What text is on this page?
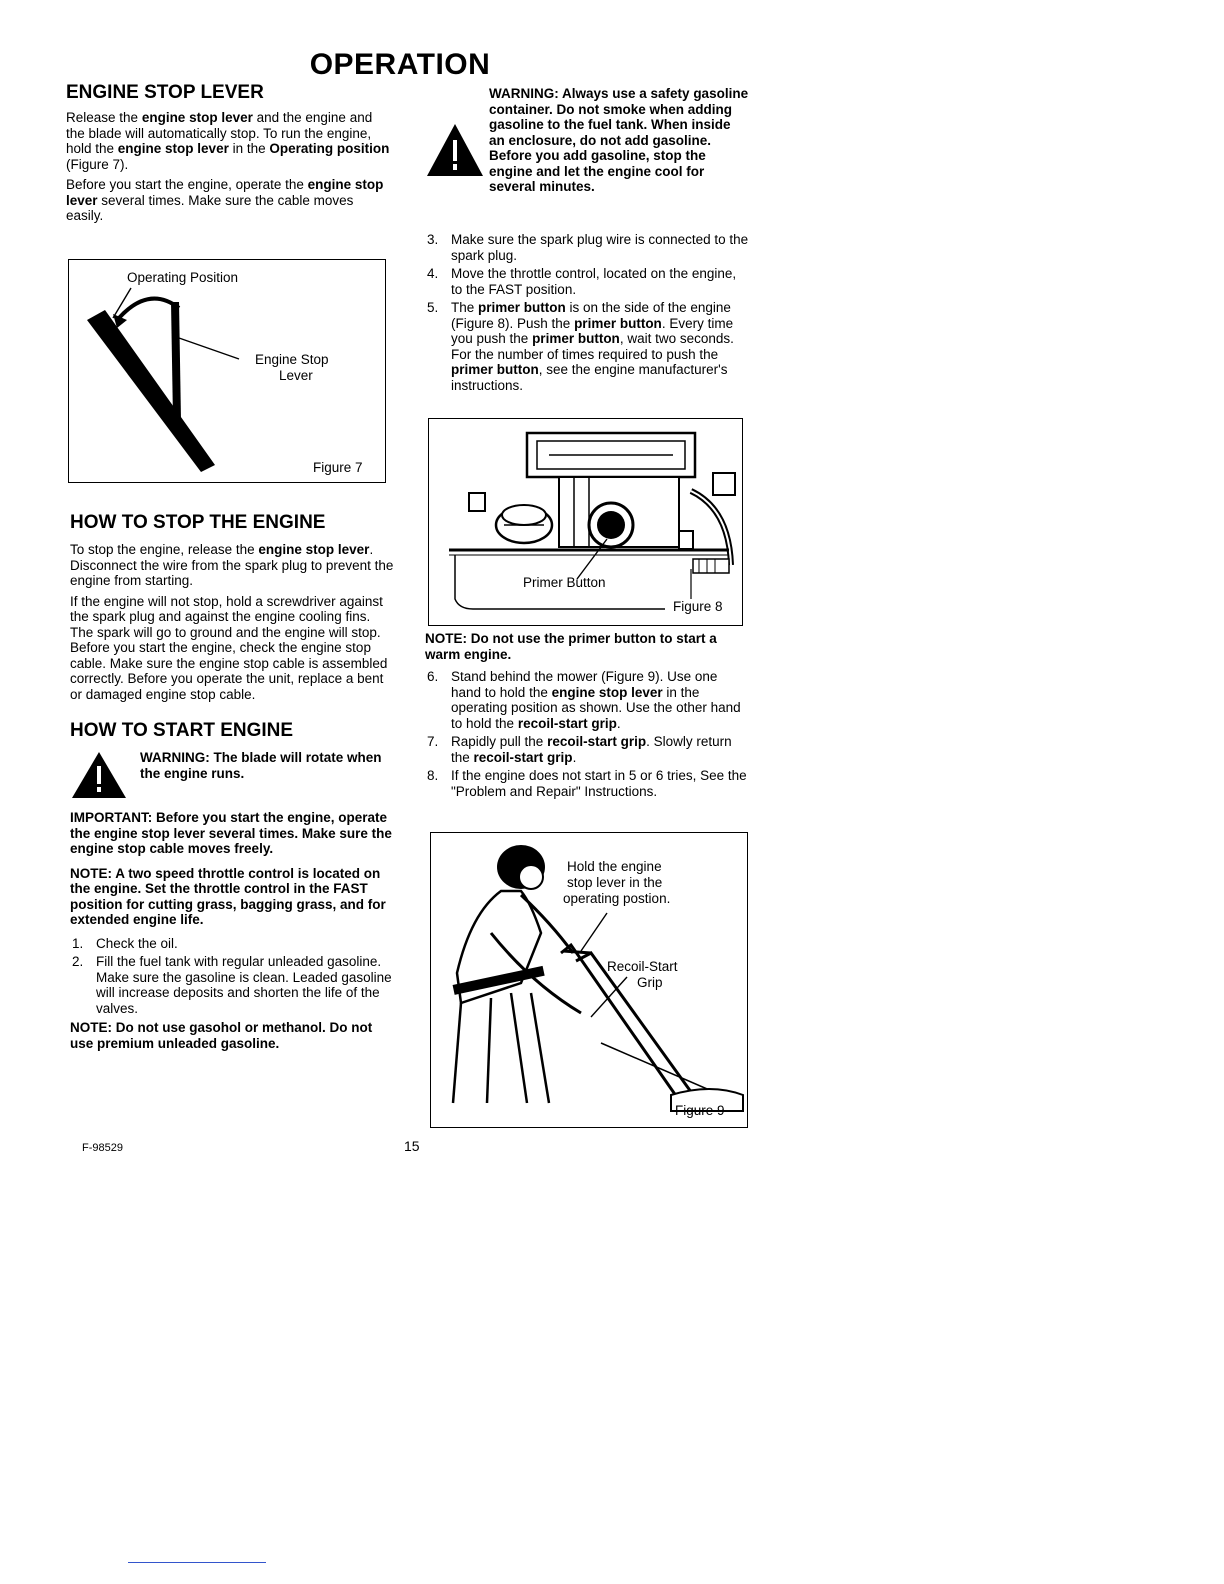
OPERATION
ENGINE STOP LEVER

Release the engine stop lever and the engine and the blade will automatically stop. To run the engine, hold the engine stop lever in the Operating position (Figure 7).

Before you start the engine, operate the engine stop lever several times. Make sure the cable moves easily.

Operating Position
Engine Stop
Lever
Figure 7
HOW TO STOP THE ENGINE

To stop the engine, release the engine stop lever. Disconnect the wire from the spark plug to prevent the engine from starting.

If the engine will not stop, hold a screwdriver against the spark plug and against the engine cooling fins. The spark will go to ground and the engine will stop. Before you start the engine, check the engine stop cable. Make sure the engine stop cable is assembled correctly. Before you operate the unit, replace a bent or damaged engine stop cable.

HOW TO START ENGINE
WARNING: The blade will rotate when the engine runs.

IMPORTANT: Before you start the engine, operate the engine stop lever several times. Make sure the engine stop cable moves freely.

NOTE: A two speed throttle control is located on the engine. Set the throttle control in the FAST position for cutting grass, bagging grass, and for extended engine life.

1. Check the oil.
2. Fill the fuel tank with regular unleaded gasoline. Make sure the gasoline is clean. Leaded gasoline will increase deposits and shorten the life of the valves.

NOTE: Do not use gasohol or methanol. Do not use premium unleaded gasoline.

F-98529	15
WARNING: Always use a safety gasoline container. Do not smoke when adding gasoline to the fuel tank. When inside an enclosure, do not add gasoline. Before you add gasoline, stop the engine and let the engine cool for several minutes.
3. Make sure the spark plug wire is connected to the spark plug.
4. Move the throttle control, located on the engine, to the FAST position.
5. The primer button is on the side of the engine (Figure 8). Push the primer button. Every time you push the primer button, wait two seconds. For the number of times required to push the primer button, see the engine manufacturer's instructions.
Primer Button
Figure 8

NOTE: Do not use the primer button to start a warm engine.

6. Stand behind the mower (Figure 9). Use one hand to hold the engine stop lever in the operating position as shown. Use the other hand to hold the recoil-start grip.
7. Rapidly pull the recoil-start grip. Slowly return the recoil-start grip.
8. If the engine does not start in 5 or 6 tries, See the "Problem and Repair" Instructions.
Hold the engine
stop lever in the
operating postion.
Recoil-Start
Grip
Figure 9
